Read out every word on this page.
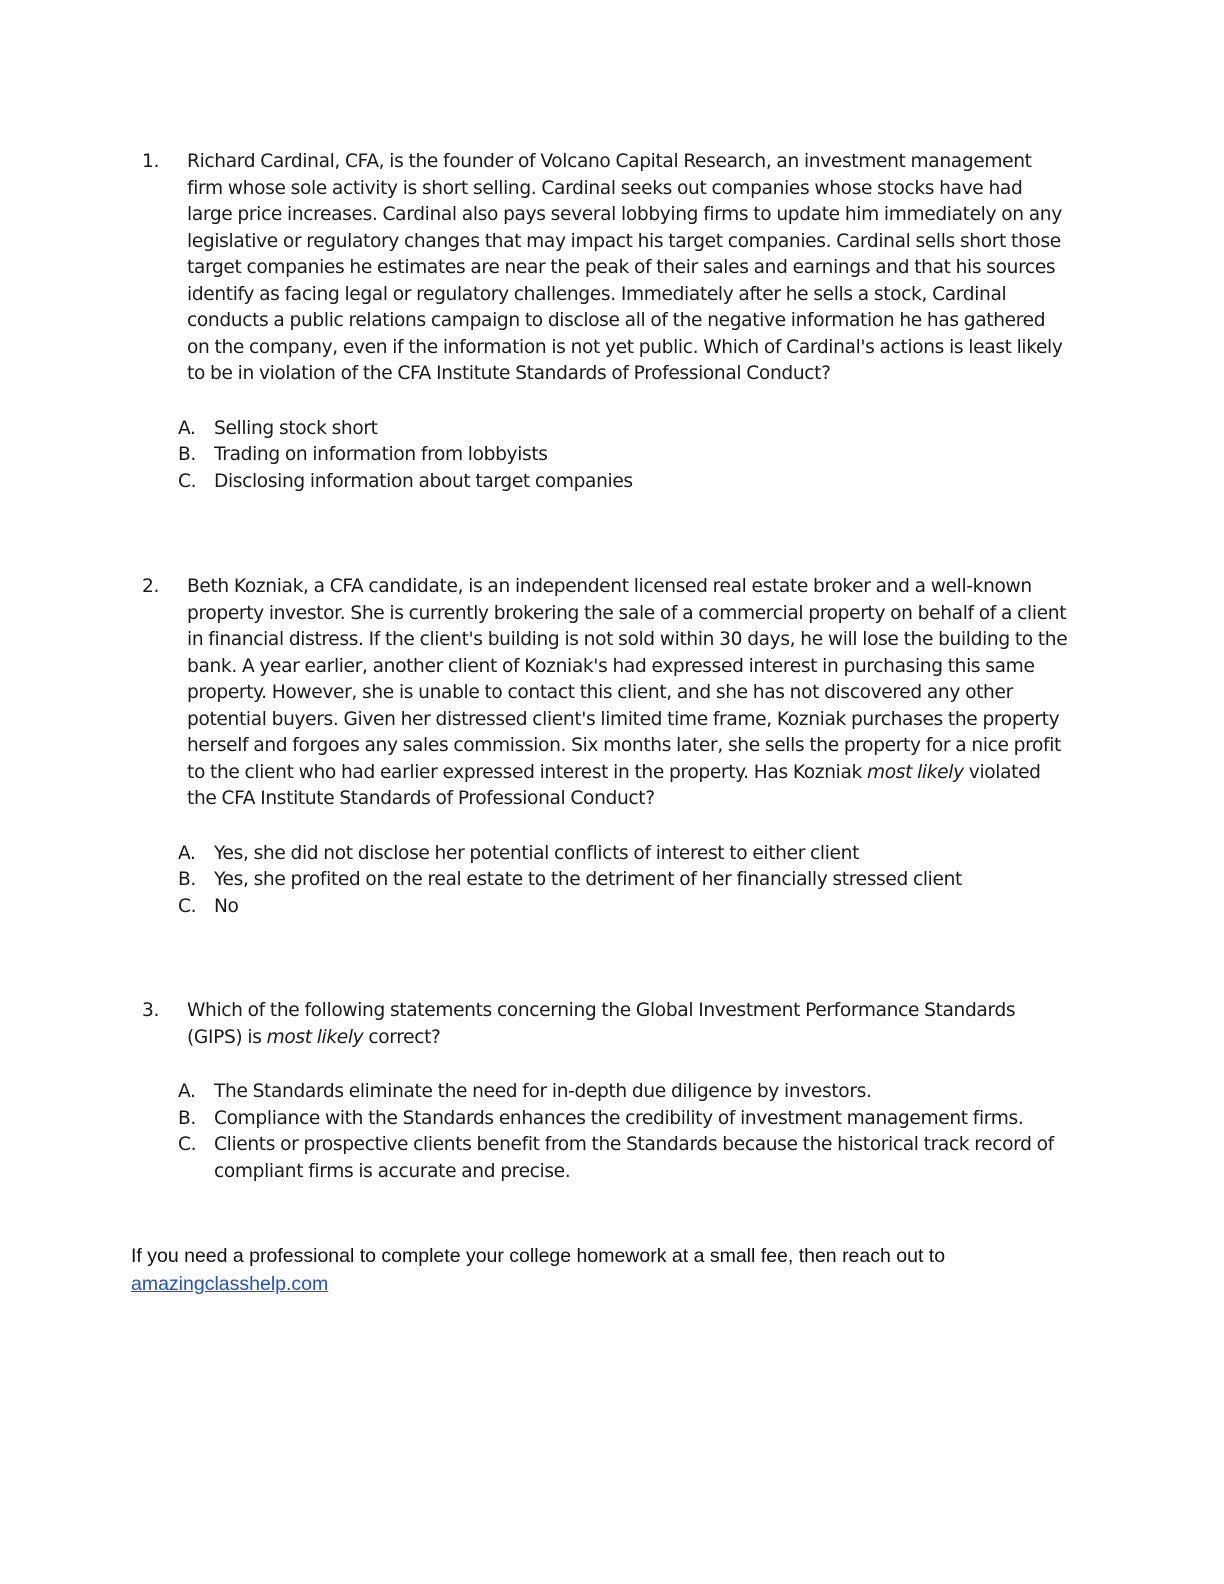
1.	Richard Cardinal, CFA, is the founder of Volcano Capital Research, an investment management firm whose sole activity is short selling. Cardinal seeks out companies whose stocks have had large price increases. Cardinal also pays several lobbying firms to update him immediately on any legislative or regulatory changes that may impact his target companies. Cardinal sells short those target companies he estimates are near the peak of their sales and earnings and that his sources identify as facing legal or regulatory challenges. Immediately after he sells a stock, Cardinal conducts a public relations campaign to disclose all of the negative information he has gathered on the company, even if the information is not yet public. Which of Cardinal's actions is least likely to be in violation of the CFA Institute Standards of Professional Conduct?
A. Selling stock short
B. Trading on information from lobbyists
C. Disclosing information about target companies
2.	Beth Kozniak, a CFA candidate, is an independent licensed real estate broker and a well-known property investor. She is currently brokering the sale of a commercial property on behalf of a client in financial distress. If the client's building is not sold within 30 days, he will lose the building to the bank. A year earlier, another client of Kozniak's had expressed interest in purchasing this same property. However, she is unable to contact this client, and she has not discovered any other potential buyers. Given her distressed client's limited time frame, Kozniak purchases the property herself and forgoes any sales commission. Six months later, she sells the property for a nice profit to the client who had earlier expressed interest in the property. Has Kozniak most likely violated the CFA Institute Standards of Professional Conduct?
A. Yes, she did not disclose her potential conflicts of interest to either client
B. Yes, she profited on the real estate to the detriment of her financially stressed client
C. No
3.	Which of the following statements concerning the Global Investment Performance Standards (GIPS) is most likely correct?
A. The Standards eliminate the need for in-depth due diligence by investors.
B. Compliance with the Standards enhances the credibility of investment management firms.
C. Clients or prospective clients benefit from the Standards because the historical track record of compliant firms is accurate and precise.
If you need a professional to complete your college homework at a small fee, then reach out to
amazingclasshelp.com
